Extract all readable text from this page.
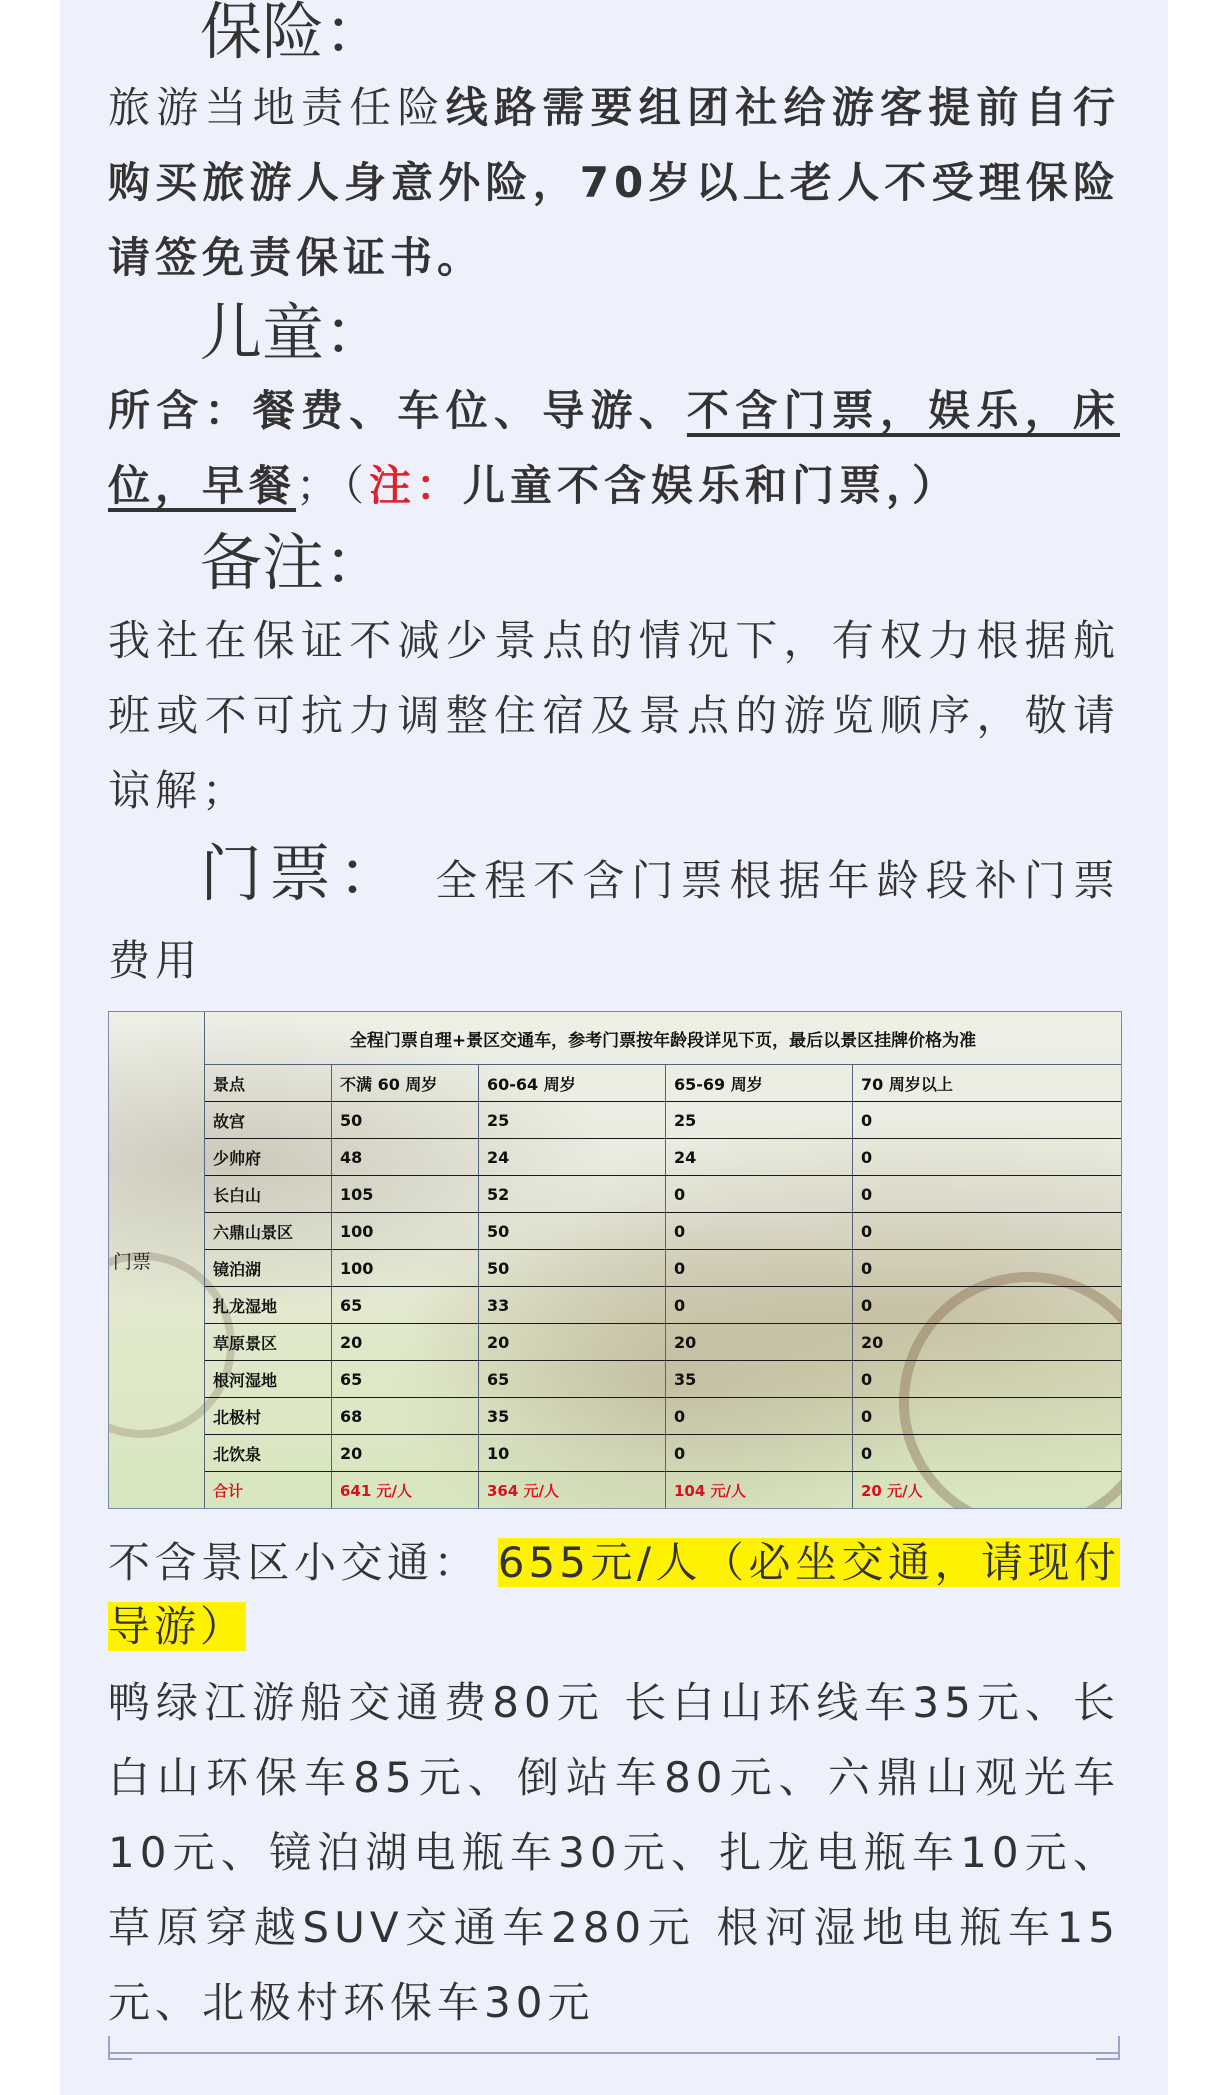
保险：

旅游当地责任险线路需要组团社给游客提前自行购买旅游人身意外险，70岁以上老人不受理保险请签免责保证书。

儿童：

所含：餐费、车位、导游、不含门票，娱乐，床位，早餐；（注：儿童不含娱乐和门票，）

备注：

我社在保证不减少景点的情况下，有权力根据航班或不可抗力调整住宿及景点的游览顺序，敬请谅解；

门票： 全程不含门票根据年龄段补门票费用

门票
全程门票自理+景区交通车，参考门票按年龄段详见下页，最后以景区挂牌价格为准				
景点	不满 60 周岁	60-64 周岁	65-69 周岁	70 周岁以上
故宫	50	25	25	0
少帅府	48	24	24	0
长白山	105	52	0	0
六鼎山景区	100	50	0	0
镜泊湖	100	50	0	0
扎龙湿地	65	33	0	0
草原景区	20	20	20	20
根河湿地	65	65	35	0
北极村	68	35	0	0
北饮泉	20	10	0	0
合计	641 元/人	364 元/人	104 元/人	20 元/人

不含景区小交通： 655元/人（必坐交通，请现付导游）

鸭绿江游船交通费80元 长白山环线车35元、长白山环保车85元、倒站车80元、六鼎山观光车10元、镜泊湖电瓶车30元、扎龙电瓶车10元、草原穿越SUV交通车280元 根河湿地电瓶车15元、北极村环保车30元
